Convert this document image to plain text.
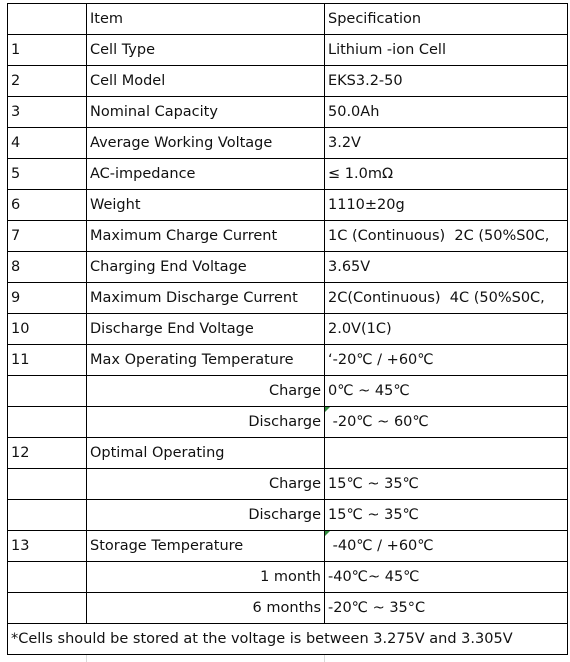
	Item	Specification
1	Cell Type	Lithium -ion Cell
2	Cell Model	EKS3.2-50
3	Nominal Capacity	50.0Ah
4	Average Working Voltage	3.2V
5	AC-impedance	≤ 1.0mΩ
6	Weight	1110±20g
7	Maximum Charge Current	1C (Continuous)  2C (50%S0C,
8	Charging End Voltage	3.65V
9	Maximum Discharge Current	2C(Continuous)  4C (50%S0C,
10	Discharge End Voltage	2.0V(1C)
11	Max Operating Temperature	‘-20℃ / +60℃
	Charge	0℃ ~ 45℃
	Discharge	-20℃ ~ 60℃

12	Optimal Operating	
	Charge	15℃ ~ 35℃
	Discharge	15℃ ~ 35℃
13	Storage Temperature	-40℃ / +60℃

	1 month	-40℃~ 45℃
	6 months	-20℃ ~ 35°C
*Cells should be stored at the voltage is between 3.275V and 3.305V		
